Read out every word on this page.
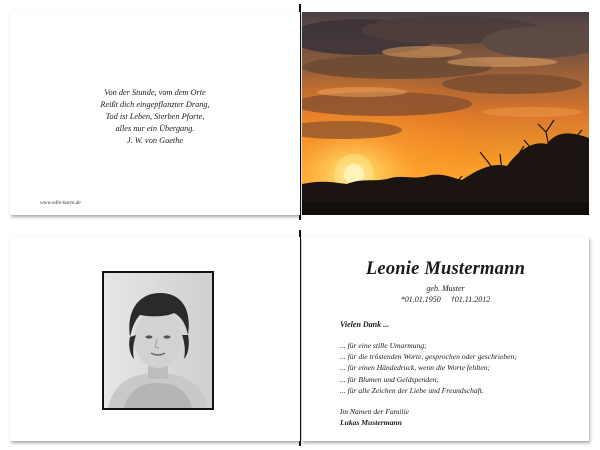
Von der Stunde, vom dem Orte
Reißt dich eingepflanzter Drang,
Tod ist Leben, Sterben Pforte,
alles nur ein Übergang.
J. W. von Goethe
www.edle-karte.de
Leonie Mustermann
geb. Muster
*01.01.1950 †01.11.2012
Vielen Dank ...
... für eine stille Umarmung;
... für die tröstenden Worte, gesprochen oder geschrieben;
... für einen Händedruck, wenn die Worte fehlten;
... für Blumen und Geldspenden;
... für alle Zeichen der Liebe und Freundschaft.
Im Namen der Familie
Lukas Mustermann
